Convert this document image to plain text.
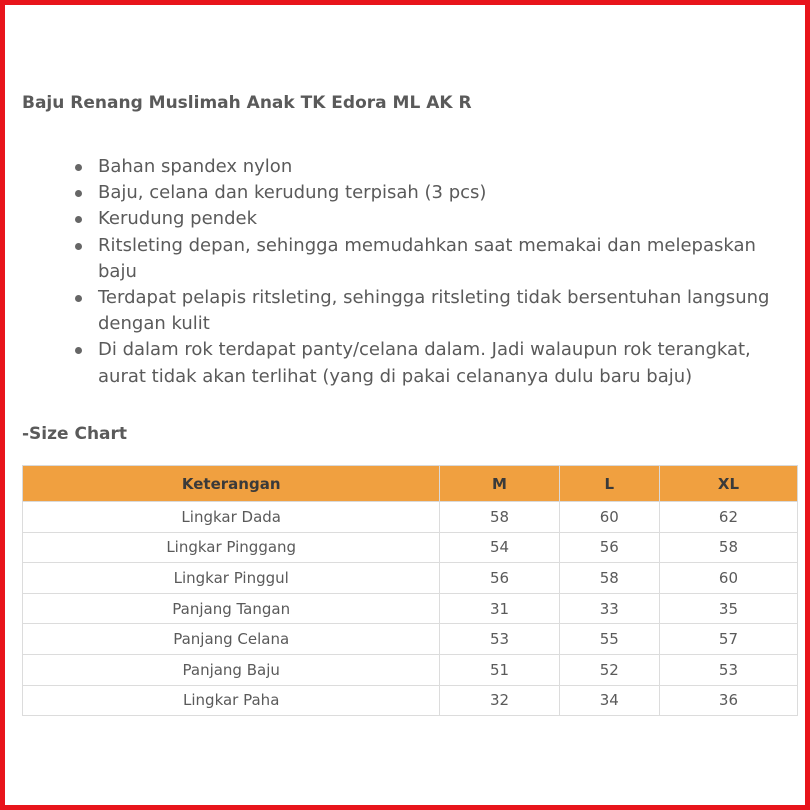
Baju Renang Muslimah Anak TK Edora ML AK R
Bahan spandex nylon
Baju, celana dan kerudung terpisah (3 pcs)
Kerudung pendek
Ritsleting depan, sehingga memudahkan saat memakai dan melepaskan baju
Terdapat pelapis ritsleting, sehingga ritsleting tidak bersentuhan langsung dengan kulit
Di dalam rok terdapat panty/celana dalam. Jadi walaupun rok terangkat, aurat tidak akan terlihat (yang di pakai celananya dulu baru baju)
-Size Chart
Keterangan	M	L	XL
Lingkar Dada	58	60	62
Lingkar Pinggang	54	56	58
Lingkar Pinggul	56	58	60
Panjang Tangan	31	33	35
Panjang Celana	53	55	57
Panjang Baju	51	52	53
Lingkar Paha	32	34	36
